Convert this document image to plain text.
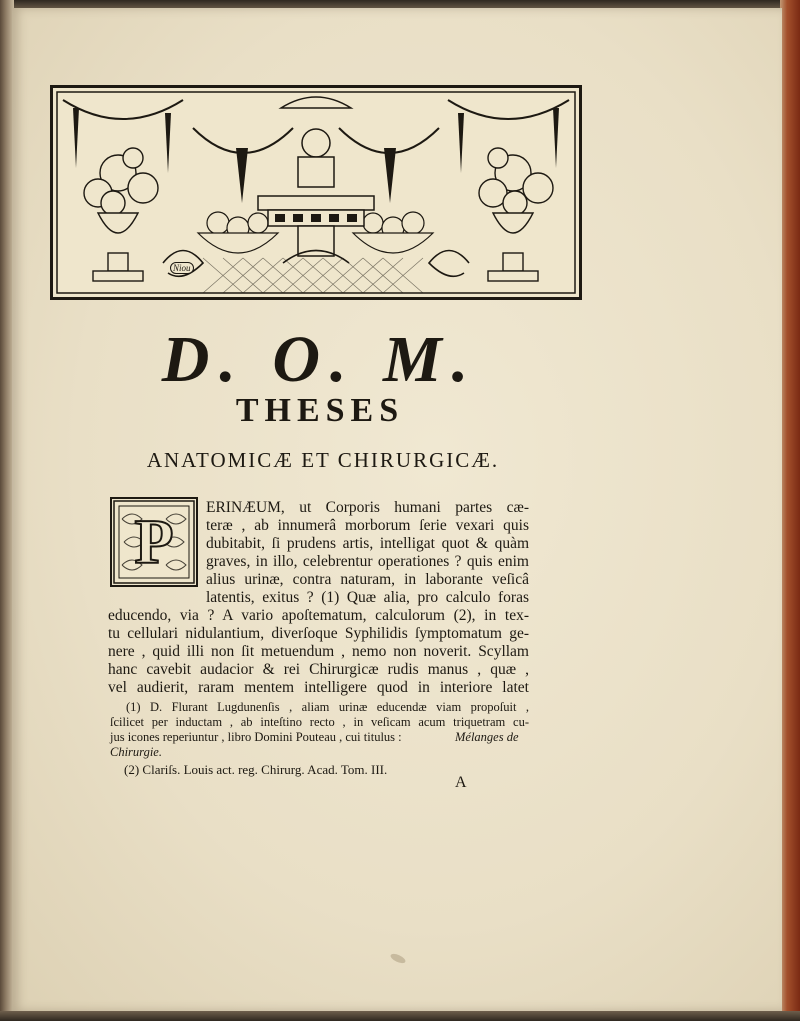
Niou
D. O. M.
THESES
ANATOMICÆ ET CHIRURGICÆ.
P	ERINÆUM, ut Corporis humani partes cæ-
teræ , ab innumerâ morborum ſerie vexari quis
dubitabit, ſi prudens artis, intelligat quot & quàm
graves, in illo, celebrentur operationes ? quis enim
alius urinæ, contra naturam, in laborante veſicâ
latentis, exitus ? (1) Quæ alia, pro calculo foras
educendo, via ? A vario apoſtematum, calculorum (2), in tex-
tu cellulari nidulantium, diverſoque Syphilidis ſymptomatum ge-
nere , quid illi non ſit metuendum , nemo non noverit. Scyllam
hanc cavebit audacior & rei Chirurgicæ rudis manus , quæ ,
vel audierit, raram mentem intelligere quod in interiore latet
(1) D. Flurant Lugdunenſis , aliam urinæ educendæ viam propoſuit ,
ſcilicet per inductam , ab inteſtino recto , in veſicam acum triquetram cu-
jus icones reperiuntur , libro Domini Pouteau , cui titulus :	Mélanges de
Chirurgie.
(2) Clariſs. Louis act. reg. Chirurg. Acad. Tom. III.
A
